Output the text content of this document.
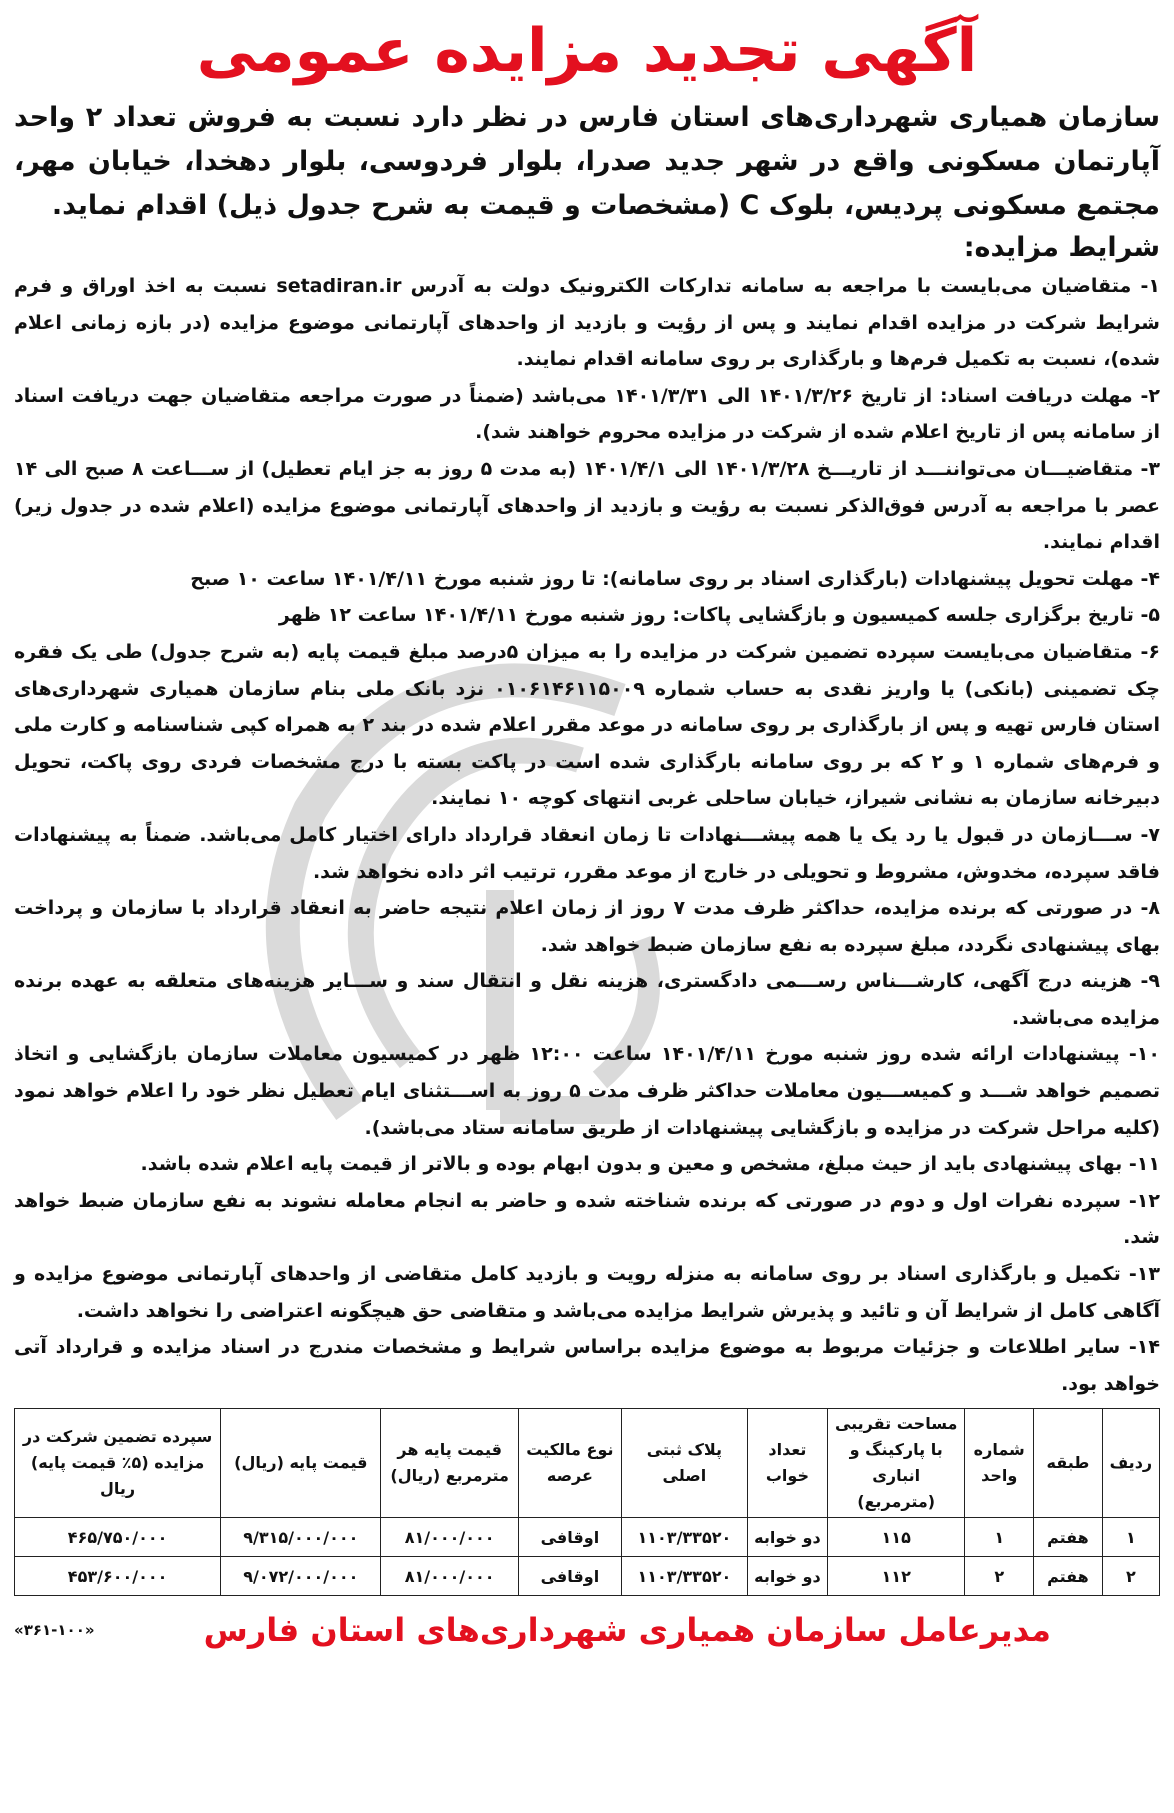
آگهی تجدید مزایده عمومی

سازمان همیاری شهرداری‌های استان فارس در نظر دارد نسبت به فروش تعداد ۲ واحد آپارتمان مسکونی واقع در شهر جدید صدرا، بلوار فردوسی، بلوار دهخدا، خیابان مهر، مجتمع مسکونی پردیس، بلوک C (مشخصات و قیمت به شرح جدول ذیل) اقدام نماید.

شرایط مزایده:

۱- متقاضیان می‌بایست با مراجعه به سامانه تدارکات الکترونیک دولت به آدرس setadiran.ir نسبت به اخذ اوراق و فرم شرایط شرکت در مزایده اقدام نمایند و پس از رؤیت و بازدید از واحدهای آپارتمانی موضوع مزایده (در بازه زمانی اعلام شده)، نسبت به تکمیل فرم‌ها و بارگذاری بر روی سامانه اقدام نمایند.

۲- مهلت دریافت اسناد: از تاریخ ۱۴۰۱/۳/۲۶ الی ۱۴۰۱/۳/۳۱ می‌باشد (ضمناً در صورت مراجعه متقاضیان جهت دریافت اسناد از سامانه پس از تاریخ اعلام شده از شرکت در مزایده محروم خواهند شد).

۳- متقاضیـــان می‌تواننـــد از تاریـــخ ۱۴۰۱/۳/۲۸ الی ۱۴۰۱/۴/۱ (به مدت ۵ روز به جز ایام تعطیل) از ســـاعت ۸ صبح الی ۱۴ عصر با مراجعه به آدرس فوق‌الذکر نسبت به رؤیت و بازدید از واحدهای آپارتمانی موضوع مزایده (اعلام شده در جدول زیر) اقدام نمایند.

۴- مهلت تحویل پیشنهادات (بارگذاری اسناد بر روی سامانه): تا روز شنبه مورخ ۱۴۰۱/۴/۱۱ ساعت ۱۰ صبح

۵- تاریخ برگزاری جلسه کمیسیون و بازگشایی پاکات: روز شنبه مورخ ۱۴۰۱/۴/۱۱ ساعت ۱۲ ظهر

۶- متقاضیان می‌بایست سپرده تضمین شرکت در مزایده را به میزان ۵درصد مبلغ قیمت پایه (به شرح جدول) طی یک فقره چک تضمینی (بانکی) یا واریز نقدی به حساب شماره ۰۱۰۶۱۴۶۱۱۵۰۰۹ نزد بانک ملی بنام سازمان همیاری شهرداری‌های استان فارس تهیه و پس از بارگذاری بر روی سامانه در موعد مقرر اعلام شده در بند ۲ به همراه کپی شناسنامه و کارت ملی و فرم‌های شماره ۱ و ۲ که بر روی سامانه بارگذاری شده است در پاکت بسته با درج مشخصات فردی روی پاکت، تحویل دبیرخانه سازمان به نشانی شیراز، خیابان ساحلی غربی انتهای کوچه ۱۰ نمایند.

۷- ســـازمان در قبول یا رد یک یا همه پیشـــنهادات تا زمان انعقاد قرارداد دارای اختیار کامل می‌باشد. ضمناً به پیشنهادات فاقد سپرده، مخدوش، مشروط و تحویلی در خارج از موعد مقرر، ترتیب اثر داده نخواهد شد.

۸- در صورتی که برنده مزایده، حداکثر ظرف مدت ۷ روز از زمان اعلام نتیجه حاضر به انعقاد قرارداد با سازمان و پرداخت بهای پیشنهادی نگردد، مبلغ سپرده به نفع سازمان ضبط خواهد شد.

۹- هزینه درج آگهی، کارشـــناس رســـمی دادگستری، هزینه نقل و انتقال سند و ســـایر هزینه‌های متعلقه به عهده برنده مزایده می‌باشد.

۱۰- پیشنهادات ارائه شده روز شنبه مورخ ۱۴۰۱/۴/۱۱ ساعت ۱۲:۰۰ ظهر در کمیسیون معاملات سازمان بازگشایی و اتخاذ تصمیم خواهد شـــد و کمیســـیون معاملات حداکثر ظرف مدت ۵ روز به اســـتثنای ایام تعطیل نظر خود را اعلام خواهد نمود (کلیه مراحل شرکت در مزایده و بازگشایی پیشنهادات از طریق سامانه ستاد می‌باشد).

۱۱- بهای پیشنهادی باید از حیث مبلغ، مشخص و معین و بدون ابهام بوده و بالاتر از قیمت پایه اعلام شده باشد.

۱۲- سپرده نفرات اول و دوم در صورتی که برنده شناخته شده و حاضر به انجام معامله نشوند به نفع سازمان ضبط خواهد شد.

۱۳- تکمیل و بارگذاری اسناد بر روی سامانه به منزله رویت و بازدید کامل متقاضی از واحدهای آپارتمانی موضوع مزایده و آگاهی کامل از شرایط آن و تائید و پذیرش شرایط مزایده می‌باشد و متقاضی حق هیچگونه اعتراضی را نخواهد داشت.

۱۴- سایر اطلاعات و جزئیات مربوط به موضوع مزایده براساس شرایط و مشخصات مندرج در اسناد مزایده و قرارداد آتی خواهد بود.

ردیف	طبقه	شماره واحد	مساحت تقریبی با پارکینگ و انباری (مترمربع)	تعداد خواب	پلاک ثبتی اصلی	نوع مالکیت عرصه	قیمت پایه هر مترمربع (ریال)	قیمت پایه (ریال)	سپرده تضمین شرکت در مزایده (۵٪ قیمت پایه) ریال
۱	هفتم	۱	۱۱۵	دو خوابه	۱۱۰۳/۳۳۵۲۰	اوقافی	۸۱/۰۰۰/۰۰۰	۹/۳۱۵/۰۰۰/۰۰۰	۴۶۵/۷۵۰/۰۰۰
۲	هفتم	۲	۱۱۲	دو خوابه	۱۱۰۳/۳۳۵۲۰	اوقافی	۸۱/۰۰۰/۰۰۰	۹/۰۷۲/۰۰۰/۰۰۰	۴۵۳/۶۰۰/۰۰۰
مدیرعامل سازمان همیاری شهرداری‌های استان فارس
«۳۶۱-۱۰۰»
